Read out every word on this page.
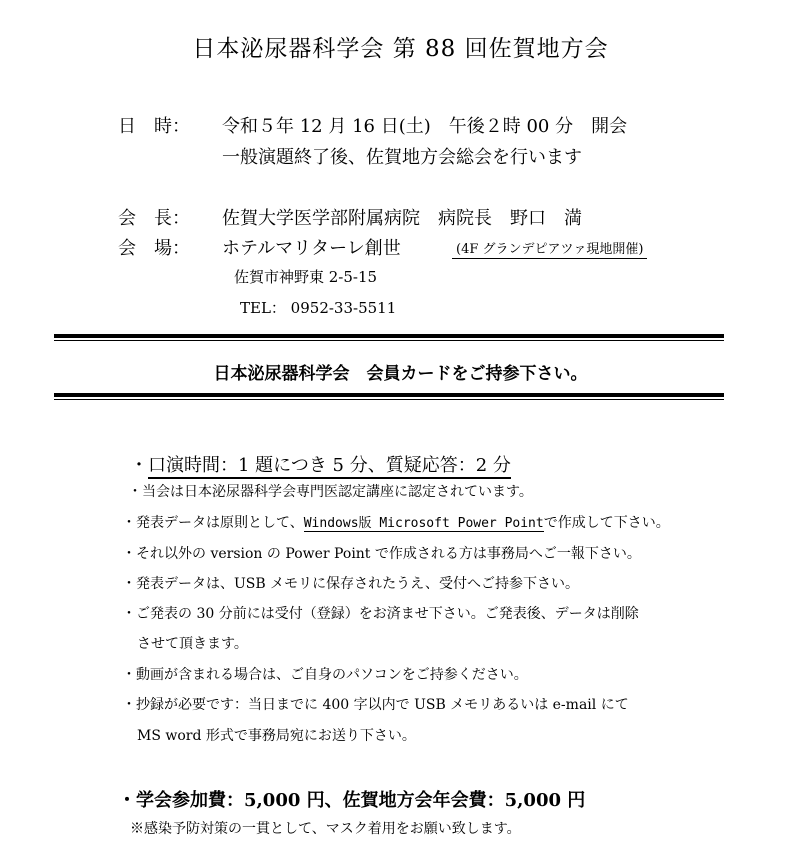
日本泌尿器科学会 第 88 回佐賀地方会
日　時： 令和５年 12 月 16 日(土)　午後２時 00 分　開会
一般演題終了後、佐賀地方会総会を行います
会　長： 佐賀大学医学部附属病院　病院長　野口　満
会　場： ホテルマリターレ創世	(4F グランデピアツァ現地開催)
佐賀市神野東 2-5-15
TEL： 0952-33-5511
日本泌尿器科学会　会員カードをご持参下さい。
・口演時間：1 題につき 5 分、質疑応答：2 分
・当会は日本泌尿器科学会専門医認定講座に認定されています。
・発表データは原則として、Windows版 Microsoft Power Pointで作成して下さい。
・それ以外の version の Power Point で作成される方は事務局へご一報下さい。
・発表データは、USB メモリに保存されたうえ、受付へご持参下さい。
・ご発表の 30 分前には受付（登録）をお済ませ下さい。ご発表後、データは削除
させて頂きます。
・動画が含まれる場合は、ご自身のパソコンをご持参ください。
・抄録が必要です：当日までに 400 字以内で USB メモリあるいは e-mail にて
MS word 形式で事務局宛にお送り下さい。
・学会参加費：5,000 円、佐賀地方会年会費：5,000 円
※感染予防対策の一貫として、マスク着用をお願い致します。
